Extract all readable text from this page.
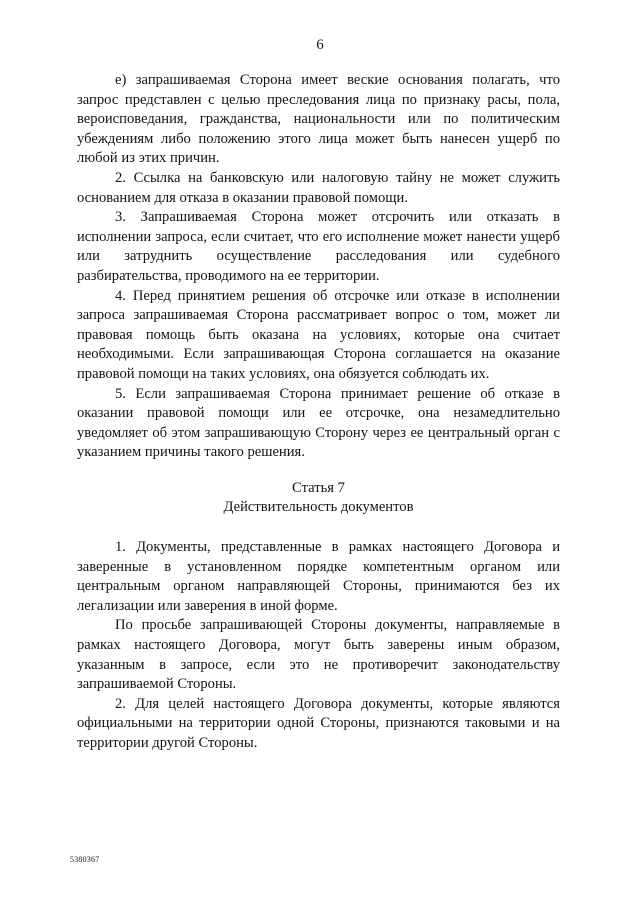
6

е) запрашиваемая Сторона имеет веские основания полагать, что запрос представлен с целью преследования лица по признаку расы, пола, вероисповедания, гражданства, национальности или по политическим убеждениям либо положению этого лица может быть нанесен ущерб по любой из этих причин.

2. Ссылка на банковскую или налоговую тайну не может служить основанием для отказа в оказании правовой помощи.

3. Запрашиваемая Сторона может отсрочить или отказать в исполнении запроса, если считает, что его исполнение может нанести ущерб или затруднить осуществление расследования или судебного разбирательства, проводимого на ее территории.

4. Перед принятием решения об отсрочке или отказе в исполнении запроса запрашиваемая Сторона рассматривает вопрос о том, может ли правовая помощь быть оказана на условиях, которые она считает необходимыми. Если запрашивающая Сторона соглашается на оказание правовой помощи на таких условиях, она обязуется соблюдать их.

5. Если запрашиваемая Сторона принимает решение об отказе в оказании правовой помощи или ее отсрочке, она незамедлительно уведомляет об этом запрашивающую Сторону через ее центральный орган с указанием причины такого решения.

Статья 7

Действительность документов

1. Документы, представленные в рамках настоящего Договора и заверенные в установленном порядке компетентным органом или центральным органом направляющей Стороны, принимаются без их легализации или заверения в иной форме.

По просьбе запрашивающей Стороны документы, направляемые в рамках настоящего Договора, могут быть заверены иным образом, указанным в запросе, если это не противоречит законодательству запрашиваемой Стороны.

2. Для целей настоящего Договора документы, которые являются официальными на территории одной Стороны, признаются таковыми и на территории другой Стороны.

5380367
